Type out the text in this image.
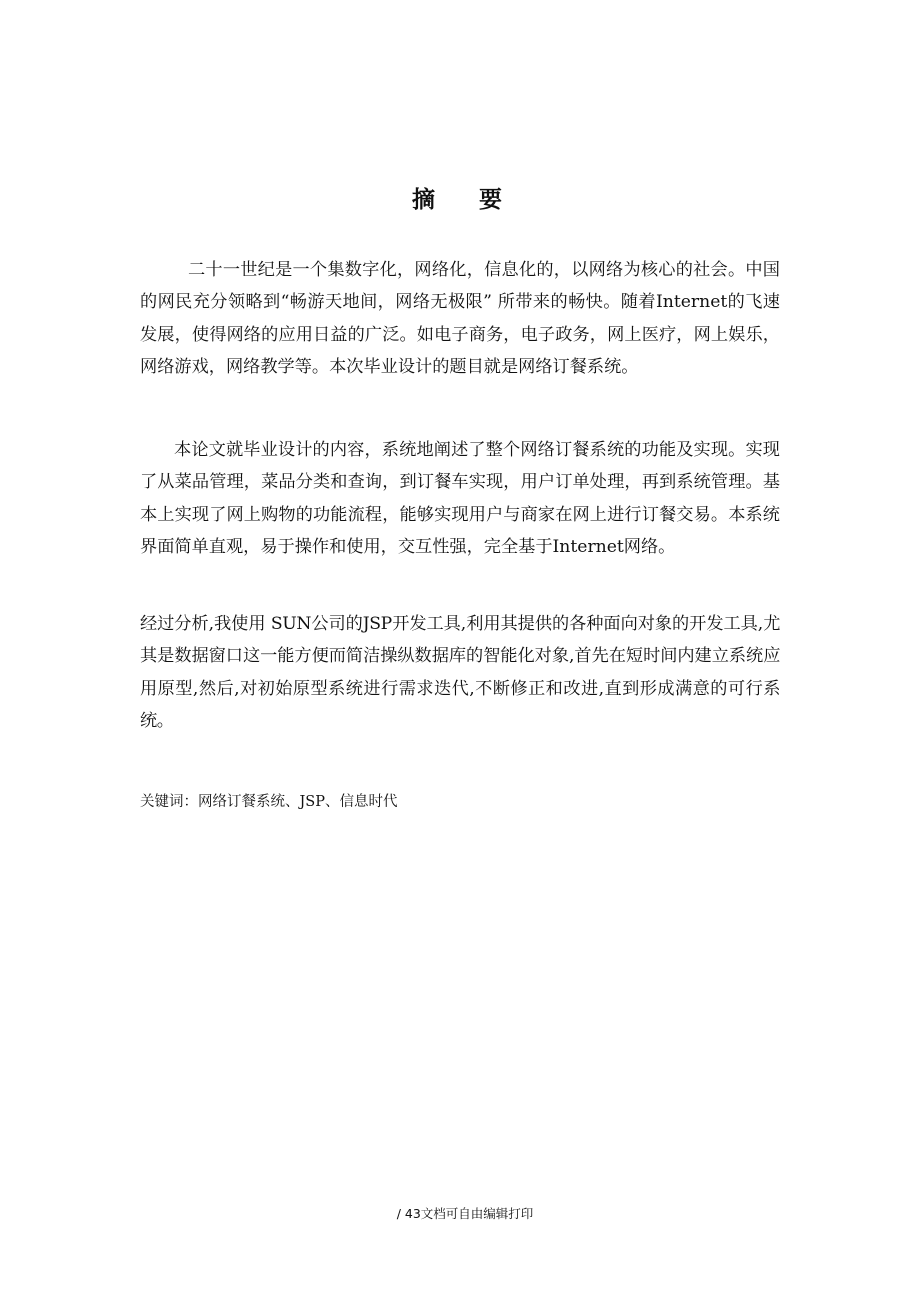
摘 要

二十一世纪是一个集数字化，网络化，信息化的，以网络为核心的社会。中国的网民充分领略到“畅游天地间，网络无极限” 所带来的畅快。随着Internet的飞速发展，使得网络的应用日益的广泛。如电子商务，电子政务，网上医疗，网上娱乐，网络游戏，网络教学等。本次毕业设计的题目就是网络订餐系统。

本论文就毕业设计的内容，系统地阐述了整个网络订餐系统的功能及实现。实现了从菜品管理，菜品分类和查询，到订餐车实现，用户订单处理，再到系统管理。基本上实现了网上购物的功能流程，能够实现用户与商家在网上进行订餐交易。本系统界面简单直观，易于操作和使用，交互性强，完全基于Internet网络。

经过分析,我使用 SUN公司的JSP开发工具,利用其提供的各种面向对象的开发工具,尤其是数据窗口这一能方便而简洁操纵数据库的智能化对象,首先在短时间内建立系统应用原型,然后,对初始原型系统进行需求迭代,不断修正和改进,直到形成满意的可行系统。

关键词：网络订餐系统、JSP、信息时代

/ 43文档可自由编辑打印
